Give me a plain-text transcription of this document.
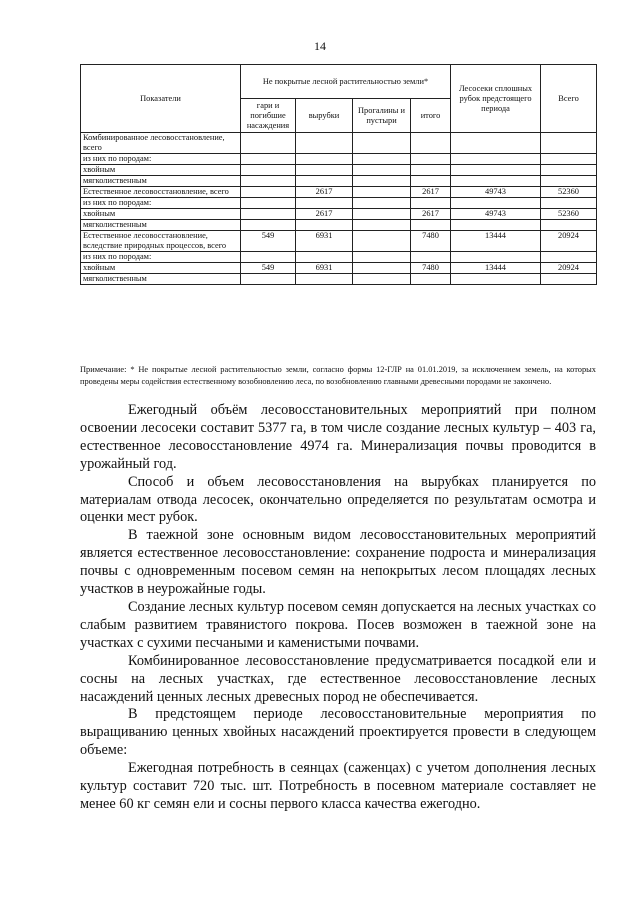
14
Показатели	Не покрытые лесной растительностью земли*				Лесосеки сплошных рубок предстоящего периода	Всего
	гари и погибшие насаждения	вырубки	Прогалины и пустыри	итого		
Комбинированное лесовосстановление, всего						
из них по породам:						
хвойным						
мягколиственным						
Естественное лесовосстановление, всего		2617		2617	49743	52360
из них по породам:						
хвойным		2617		2617	49743	52360
мягколиственным						
Естественное лесовосстановление, вследствие природных процессов, всего	549	6931		7480	13444	20924
из них по породам:						
хвойным	549	6931		7480	13444	20924
мягколиственным						
Примечание: * Не покрытые лесной растительностью земли, согласно формы 12-ГЛР на 01.01.2019, за исключением земель, на которых проведены меры содействия естественному возобновлению леса, по возобновлению главными древесными породами не закончено.

Ежегодный объём лесовосстановительных мероприятий при полном освоении лесосеки составит 5377 га, в том числе создание лесных культур – 403 га, естественное лесовосстановление 4974 га. Минерализация почвы проводится в урожайный год.

Способ и объем лесовосстановления на вырубках планируется по материалам отвода лесосек, окончательно определяется по результатам осмотра и оценки мест рубок.

В таежной зоне основным видом лесовосстановительных мероприятий является естественное лесовосстановление: сохранение подроста и минерализация почвы с одновременным посевом семян на непокрытых лесом площадях лесных участков в неурожайные годы.

Создание лесных культур посевом семян допускается на лесных участках со слабым развитием травянистого покрова. Посев возможен в таежной зоне на участках с сухими песчаными и каменистыми почвами.

Комбинированное лесовосстановление предусматривается посадкой ели и сосны на лесных участках, где естественное лесовосстановление лесных насаждений ценных лесных древесных пород не обеспечивается.

В предстоящем периоде лесовосстановительные мероприятия по выращиванию ценных хвойных насаждений проектируется провести в следующем объеме:

Ежегодная потребность в сеянцах (саженцах) с учетом дополнения лесных культур составит 720 тыс. шт. Потребность в посевном материале составляет не менее 60 кг семян ели и сосны первого класса качества ежегодно.
